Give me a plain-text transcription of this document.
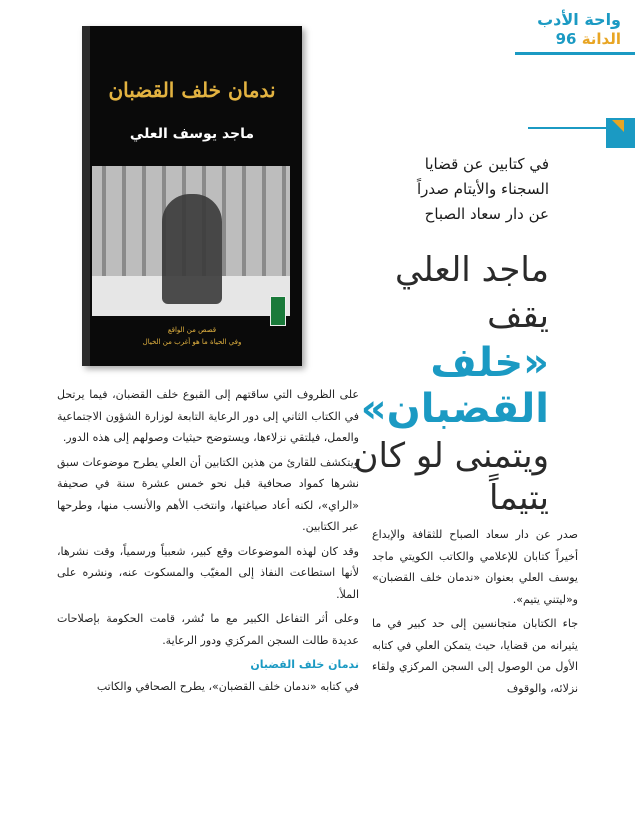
واحة الأدب
الدانة 96
ندمان خلف القضبان
ماجد يوسف العلي
قصص من الواقع
وفي الحياة ما هو أغرب من الخيال
في كتابين عن قضايا
السجناء والأيتام صدراً
عن دار سعاد الصباح
ماجد العلي
يقف
«خلف
القضبان»
ويتمنى لو كان
يتيماً

صدر عن دار سعاد الصباح للثقافة والإبداع أخيراً كتابان للإعلامي والكاتب الكويتي ماجد يوسف العلي بعنوان «ندمان خلف القضبان» و«ليتني يتيم».

جاء الكتابان متجانسين إلى حد كبير في ما يثيرانه من قضايا، حيث يتمكن العلي في كتابه الأول من الوصول إلى السجن المركزي ولقاء نزلائه، والوقوف

على الظروف التي ساقتهم إلى القبوع خلف القضبان، فيما يرتحل في الكتاب الثاني إلى دور الرعاية التابعة لوزارة الشؤون الاجتماعية والعمل، فيلتقي نزلاءها، ويستوضح حيثيات وصولهم إلى هذه الدور.

ويتكشف للقارئ من هذين الكتابين أن العلي يطرح موضوعات سبق نشرها كمواد صحافية قبل نحو خمس عشرة سنة في صحيفة «الراي»، لكنه أعاد صياغتها، وانتخب الأهم والأنسب منها، وطرحها عبر الكتابين.

وقد كان لهذه الموضوعات وقع كبير، شعبياً ورسمياً، وقت نشرها، لأنها استطاعت النفاذ إلى المغيّب والمسكوت عنه، ونشره على الملأ.

وعلى أثر التفاعل الكبير مع ما نُشر، قامت الحكومة بإصلاحات عديدة طالت السجن المركزي ودور الرعاية.

ندمان خلف القضبان

في كتابه «ندمان خلف القضبان»، يطرح الصحافي والكاتب
